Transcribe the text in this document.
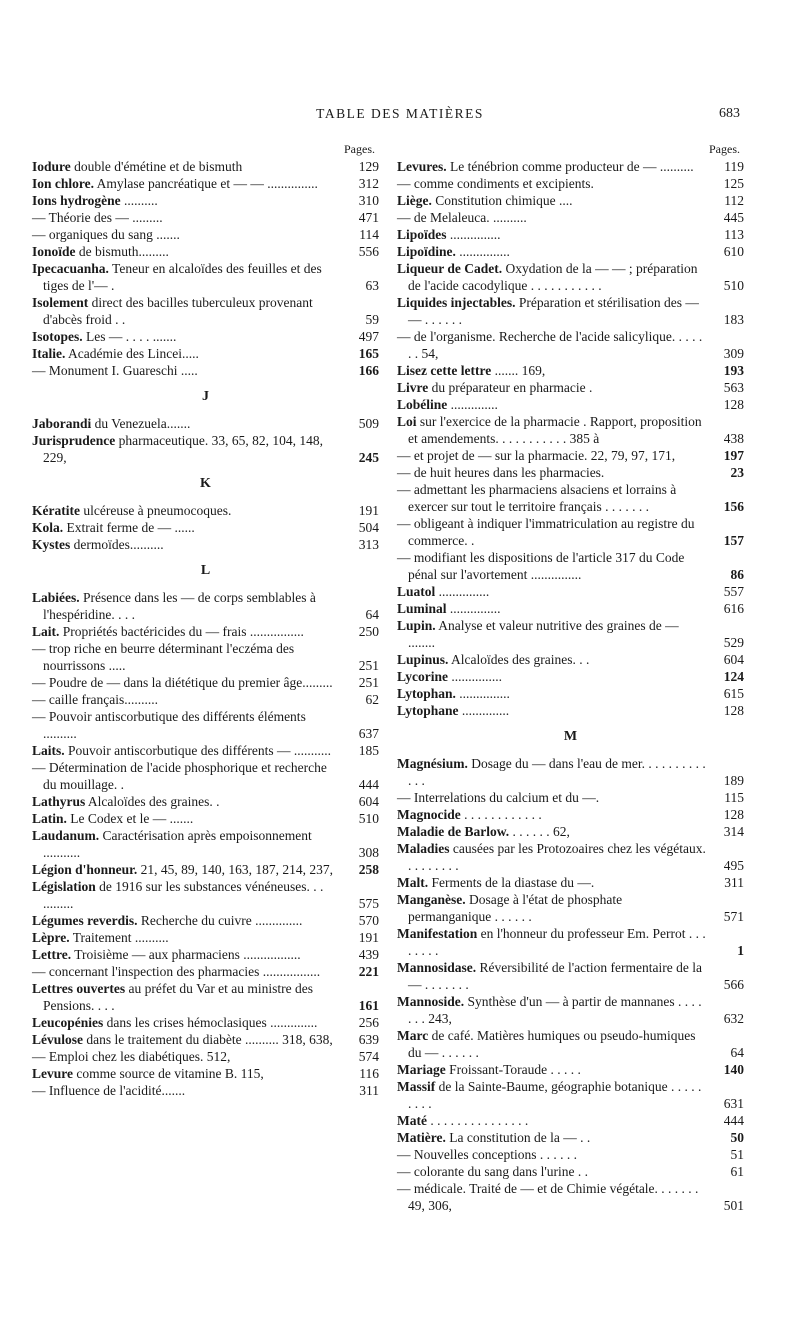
TABLE DES MATIÈRES	683
Pages.
Iodure double d'émétine et de bismuth	129
Ion chlore. Amylase pancréatique et — — ...............	312
Ions hydrogène ..........	310
— Théorie des — .........	471
— organiques du sang .......	114
Ionoïde de bismuth.........	556
Ipecacuanha. Teneur en alcaloïdes des feuilles et des tiges de l'— .	63
Isolement direct des bacilles tuberculeux provenant d'abcès froid . .	59
Isotopes. Les — . . . . .......	497
Italie. Académie des Lincei.....	165
— Monument I. Guareschi .....	166
J
Jaborandi du Venezuela.......	509
Jurisprudence pharmaceutique. 33, 65, 82, 104, 148, 229,	245
K
Kératite ulcéreuse à pneumocoques.	191
Kola. Extrait ferme de — ......	504
Kystes dermoïdes..........	313
L
Labiées. Présence dans les — de corps semblables à l'hespéridine. . . .	64
Lait. Propriétés bactéricides du — frais ................	250
— trop riche en beurre déterminant l'eczéma des nourrissons .....	251
— Poudre de — dans la diététique du premier âge.........	251
— caille français..........	62
— Pouvoir antiscorbutique des différents éléments ..........	637
Laits. Pouvoir antiscorbutique des différents — ...........	185
— Détermination de l'acide phosphorique et recherche du mouillage. .	444
Lathyrus Alcaloïdes des graines. .	604
Latin. Le Codex et le — .......	510
Laudanum. Caractérisation après empoisonnement ...........	308
Légion d'honneur. 21, 45, 89, 140, 163, 187, 214, 237,	258
Législation de 1916 sur les substances vénéneuses. . . .........	575
Légumes reverdis. Recherche du cuivre ..............	570
Lèpre. Traitement ..........	191
Lettre. Troisième — aux pharmaciens .................	439
— concernant l'inspection des pharmacies .................	221
Lettres ouvertes au préfet du Var et au ministre des Pensions. . . .	161
Leucopénies dans les crises hémoclasiques ..............	256
Lévulose dans le traitement du diabète .......... 318, 638,	639
— Emploi chez les diabétiques. 512,	574
Levure comme source de vitamine B. 115,	116
— Influence de l'acidité.......	311
Pages.
Levures. Le ténébrion comme producteur de — ..........	119
— comme condiments et excipients.	125
Liège. Constitution chimique ....	112
— de Melaleuca. ..........	445
Lipoïdes ...............	113
Lipoïdine. ...............	610
Liqueur de Cadet. Oxydation de la — — ; préparation de l'acide cacodylique . . . . . . . . . . .	510
Liquides injectables. Préparation et stérilisation des — — . . . . . .	183
— de l'organisme. Recherche de l'acide salicylique. . . . . . . 54,	309
Lisez cette lettre ....... 169,	193
Livre du préparateur en pharmacie .	563
Lobéline ..............	128
Loi sur l'exercice de la pharmacie . Rapport, proposition et amendements. . . . . . . . . . . 385 à	438
— et projet de — sur la pharmacie. 22, 79, 97, 171,	197
— de huit heures dans les pharmacies.	23
— admettant les pharmaciens alsaciens et lorrains à exercer sur tout le territoire français . . . . . . .	156
— obligeant à indiquer l'immatriculation au registre du commerce. .	157
— modifiant les dispositions de l'article 317 du Code pénal sur l'avortement ...............	86
Luatol ...............	557
Luminal ...............	616
Lupin. Analyse et valeur nutritive des graines de — ........	529
Lupinus. Alcaloïdes des graines. . .	604
Lycorine ...............	124
Lytophan. ...............	615
Lytophane ..............	128
M
Magnésium. Dosage du — dans l'eau de mer. . . . . . . . . . . . .	189
— Interrelations du calcium et du —.	115
Magnocide . . . . . . . . . . . .	128
Maladie de Barlow. . . . . . . 62,	314
Maladies causées par les Protozoaires chez les végétaux. . . . . . . . .	495
Malt. Ferments de la diastase du —.	311
Manganèse. Dosage à l'état de phosphate permanganique . . . . . .	571
Manifestation en l'honneur du professeur Em. Perrot . . . . . . . .	1
Mannosidase. Réversibilité de l'action fermentaire de la — . . . . . . .	566
Mannoside. Synthèse d'un — à partir de mannanes . . . . . . . 243,	632
Marc de café. Matières humiques ou pseudo-humiques du — . . . . . .	64
Mariage Froissant-Toraude . . . . .	140
Massif de la Sainte-Baume, géographie botanique . . . . . . . . .	631
Maté . . . . . . . . . . . . . . .	444
Matière. La constitution de la — . .	50
— Nouvelles conceptions . . . . . .	51
— colorante du sang dans l'urine . .	61
— médicale. Traité de — et de Chimie végétale. . . . . . . 49, 306,	501
